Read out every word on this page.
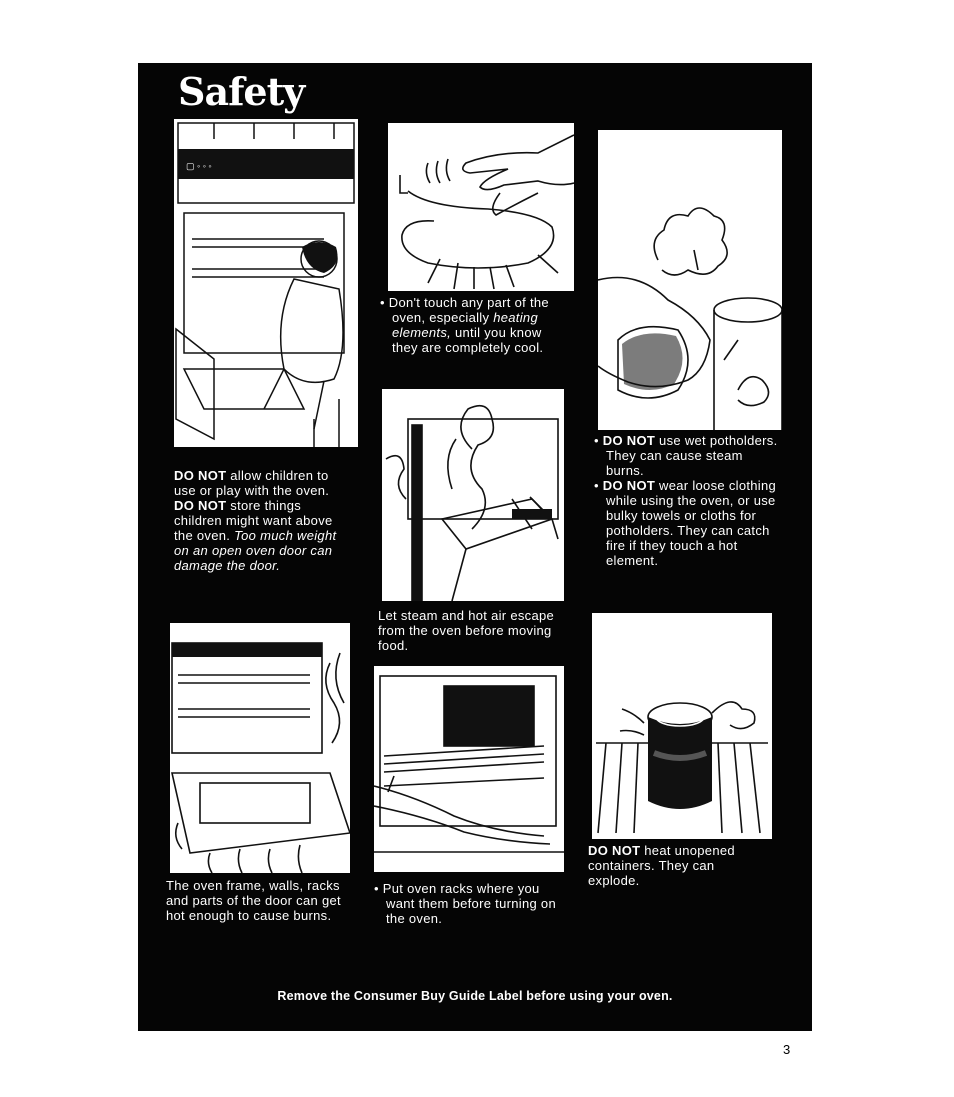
Safety
▢ ◦ ◦ ◦

DO NOT allow children to use or play with the oven.

DO NOT store things children might want above the oven. Too much weight on an open oven door can damage the door.

• Don't touch any part of the oven, especially heating elements, until you know they are completely cool.

Let steam and hot air escape from the oven before moving food.

• DO NOT use wet potholders. They can cause steam burns.

• DO NOT wear loose clothing while using the oven, or use bulky towels or cloths for potholders. They can catch fire if they touch a hot element.

The oven frame, walls, racks and parts of the door can get hot enough to cause burns.

• Put oven racks where you want them before turning on the oven.

DO NOT heat unopened containers. They can explode.

Remove the Consumer Buy Guide Label before using your oven.
3
